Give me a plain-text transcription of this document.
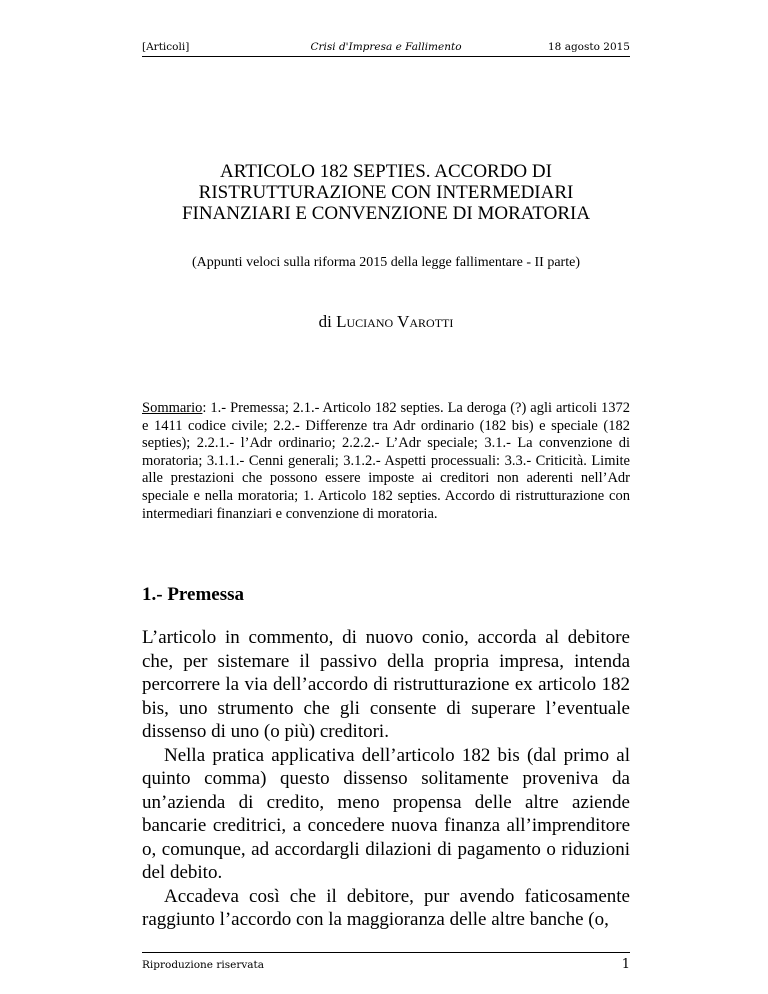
[Articoli]	Crisi d'Impresa e Fallimento	18 agosto 2015
ARTICOLO 182 SEPTIES. ACCORDO DI
RISTRUTTURAZIONE CON INTERMEDIARI
FINANZIARI E CONVENZIONE DI MORATORIA
(Appunti veloci sulla riforma 2015 della legge fallimentare - II parte)
di Luciano Varotti
Sommario: 1.- Premessa; 2.1.- Articolo 182 septies. La deroga (?) agli articoli 1372 e 1411 codice civile; 2.2.- Differenze tra Adr ordinario (182 bis) e speciale (182 septies); 2.2.1.- l’Adr ordinario; 2.2.2.- L’Adr speciale; 3.1.- La convenzione di moratoria; 3.1.1.- Cenni generali; 3.1.2.- Aspetti processuali: 3.3.- Criticità. Limite alle prestazioni che possono essere imposte ai creditori non aderenti nell’Adr speciale e nella moratoria; 1. Articolo 182 septies. Accordo di ristrutturazione con intermediari finanziari e convenzione di moratoria.
1.- Premessa

L’articolo in commento, di nuovo conio, accorda al debitore che, per sistemare il passivo della propria impresa, intenda percorrere la via dell’accordo di ristrutturazione ex articolo 182 bis, uno strumento che gli consente di superare l’eventuale dissenso di uno (o più) creditori.

Nella pratica applicativa dell’articolo 182 bis (dal primo al quinto comma) questo dissenso solitamente proveniva da un’azienda di credito, meno propensa delle altre aziende bancarie creditrici, a concedere nuova finanza all’imprenditore o, comunque, ad accordargli dilazioni di pagamento o riduzioni del debito.

Accadeva così che il debitore, pur avendo faticosamente raggiunto l’accordo con la maggioranza delle altre banche (o,

Riproduzione riservata	1
